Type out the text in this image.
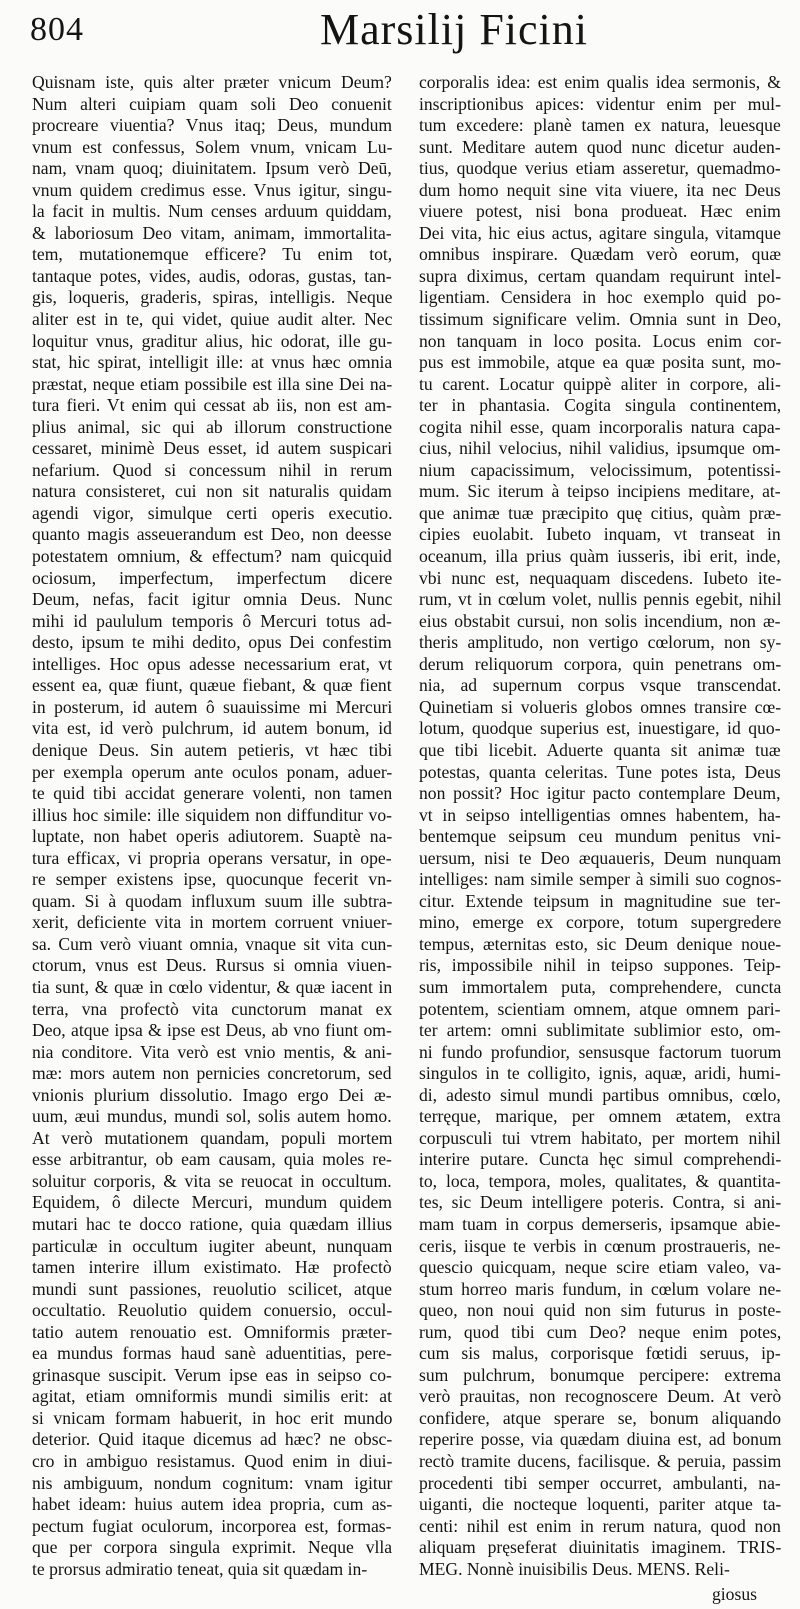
804	Marsilij Ficini
Quisnam iste, quis alter præter vnicum Deum?
Num alteri cuipiam quam soli Deo conuenit
procreare viuentia? Vnus itaq; Deus, mundum
vnum est confessus, Solem vnum, vnicam Lu-
nam, vnam quoq; diuinitatem. Ipsum verò Deū,
vnum quidem credimus esse. Vnus igitur, singu-
la facit in multis. Num censes arduum quiddam,
& laboriosum Deo vitam, animam, immortalita-
tem, mutationemque efficere? Tu enim tot,
tantaque potes, vides, audis, odoras, gustas, tan-
gis, loqueris, graderis, spiras, intelligis. Neque
aliter est in te, qui videt, quiue audit alter. Nec
loquitur vnus, graditur alius, hic odorat, ille gu-
stat, hic spirat, intelligit ille: at vnus hæc omnia
præstat, neque etiam possibile est illa sine Dei na-
tura fieri. Vt enim qui cessat ab iis, non est am-
plius animal, sic qui ab illorum constructione
cessaret, minimè Deus esset, id autem suspicari
nefarium. Quod si concessum nihil in rerum
natura consisteret, cui non sit naturalis quidam
agendi vigor, simulque certi operis executio.
quanto magis asseuerandum est Deo, non deesse
potestatem omnium, & effectum? nam quicquid
ociosum, imperfectum, imperfectum dicere
Deum, nefas, facit igitur omnia Deus. Nunc
mihi id paululum temporis ô Mercuri totus ad-
desto, ipsum te mihi dedito, opus Dei confestim
intelliges. Hoc opus adesse necessarium erat, vt
essent ea, quæ fiunt, quæue fiebant, & quæ fient
in posterum, id autem ô suauissime mi Mercuri
vita est, id verò pulchrum, id autem bonum, id
denique Deus. Sin autem petieris, vt hæc tibi
per exempla operum ante oculos ponam, aduer-
te quid tibi accidat generare volenti, non tamen
illius hoc simile: ille siquidem non diffunditur vo-
luptate, non habet operis adiutorem. Suaptè na-
tura efficax, vi propria operans versatur, in ope-
re semper existens ipse, quocunque fecerit vn-
quam. Si à quodam influxum suum ille subtra-
xerit, deficiente vita in mortem corruent vniuer-
sa. Cum verò viuant omnia, vnaque sit vita cun-
ctorum, vnus est Deus. Rursus si omnia viuen-
tia sunt, & quæ in cœlo videntur, & quæ iacent in
terra, vna profectò vita cunctorum manat ex
Deo, atque ipsa & ipse est Deus, ab vno fiunt om-
nia conditore. Vita verò est vnio mentis, & ani-
mæ: mors autem non pernicies concretorum, sed
vnionis plurium dissolutio. Imago ergo Dei æ-
uum, æui mundus, mundi sol, solis autem homo.
At verò mutationem quandam, populi mortem
esse arbitrantur, ob eam causam, quia moles re-
soluitur corporis, & vita se reuocat in occultum.
Equidem, ô dilecte Mercuri, mundum quidem
mutari hac te docco ratione, quia quædam illius
particulæ in occultum iugiter abeunt, nunquam
tamen interire illum existimato. Hæ profectò
mundi sunt passiones, reuolutio scilicet, atque
occultatio. Reuolutio quidem conuersio, occul-
tatio autem renouatio est. Omniformis præter-
ea mundus formas haud sanè aduentitias, pere-
grinasque suscipit. Verum ipse eas in seipso co-
agitat, etiam omniformis mundi similis erit: at
si vnicam formam habuerit, in hoc erit mundo
deterior. Quid itaque dicemus ad hæc? ne obsc-
cro in ambiguo resistamus. Quod enim in diui-
nis ambiguum, nondum cognitum: vnam igitur
habet ideam: huius autem idea propria, cum as-
pectum fugiat oculorum, incorporea est, formas-
que per corpora singula exprimit. Neque vlla
te prorsus admiratio teneat, quia sit quædam in-
corporalis idea: est enim qualis idea sermonis, &
inscriptionibus apices: videntur enim per mul-
tum excedere: planè tamen ex natura, leuesque
sunt. Meditare autem quod nunc dicetur auden-
tius, quodque verius etiam asseretur, quemadmo-
dum homo nequit sine vita viuere, ita nec Deus
viuere potest, nisi bona produeat. Hæc enim
Dei vita, hic eius actus, agitare singula, vitamque
omnibus inspirare. Quædam verò eorum, quæ
supra diximus, certam quandam requirunt intel-
ligentiam. Censidera in hoc exemplo quid po-
tissimum significare velim. Omnia sunt in Deo,
non tanquam in loco posita. Locus enim cor-
pus est immobile, atque ea quæ posita sunt, mo-
tu carent. Locatur quippè aliter in corpore, ali-
ter in phantasia. Cogita singula continentem,
cogita nihil esse, quam incorporalis natura capa-
cius, nihil velocius, nihil validius, ipsumque om-
nium capacissimum, velocissimum, potentissi-
mum. Sic iterum à teipso incipiens meditare, at-
que animæ tuæ præcipito quę citius, quàm præ-
cipies euolabit. Iubeto inquam, vt transeat in
oceanum, illa prius quàm iusseris, ibi erit, inde,
vbi nunc est, nequaquam discedens. Iubeto ite-
rum, vt in cœlum volet, nullis pennis egebit, nihil
eius obstabit cursui, non solis incendium, non æ-
theris amplitudo, non vertigo cœlorum, non sy-
derum reliquorum corpora, quin penetrans om-
nia, ad supernum corpus vsque transcendat.
Quinetiam si volueris globos omnes transire cœ-
lotum, quodque superius est, inuestigare, id quo-
que tibi licebit. Aduerte quanta sit animæ tuæ
potestas, quanta celeritas. Tune potes ista, Deus
non possit? Hoc igitur pacto contemplare Deum,
vt in seipso intelligentias omnes habentem, ha-
bentemque seipsum ceu mundum penitus vni-
uersum, nisi te Deo æquaueris, Deum nunquam
intelliges: nam simile semper à simili suo cognos-
citur. Extende teipsum in magnitudine sue ter-
mino, emerge ex corpore, totum supergredere
tempus, æternitas esto, sic Deum denique noue-
ris, impossibile nihil in teipso suppones. Teip-
sum immortalem puta, comprehendere, cuncta
potentem, scientiam omnem, atque omnem pari-
ter artem: omni sublimitate sublimior esto, om-
ni fundo profundior, sensusque factorum tuorum
singulos in te colligito, ignis, aquæ, aridi, humi-
di, adesto simul mundi partibus omnibus, cœlo,
terręque, marique, per omnem ætatem, extra
corpusculi tui vtrem habitato, per mortem nihil
interire putare. Cuncta hęc simul comprehendi-
to, loca, tempora, moles, qualitates, & quantita-
tes, sic Deum intelligere poteris. Contra, si ani-
mam tuam in corpus demerseris, ipsamque abie-
ceris, iisque te verbis in cœnum prostraueris, ne-
quescio quicquam, neque scire etiam valeo, va-
stum horreo maris fundum, in cœlum volare ne-
queo, non noui quid non sim futurus in poste-
rum, quod tibi cum Deo? neque enim potes,
cum sis malus, corporisque fœtidi seruus, ip-
sum pulchrum, bonumque percipere: extrema
verò prauitas, non recognoscere Deum. At verò
confidere, atque sperare se, bonum aliquando
reperire posse, via quædam diuina est, ad bonum
rectò tramite ducens, facilisque. & peruia, passim
procedenti tibi semper occurret, ambulanti, na-
uiganti, die nocteque loquenti, pariter atque ta-
centi: nihil est enim in rerum natura, quod non
aliquam pręseferat diuinitatis imaginem. TRIS-
MEG. Nonnè inuisibilis Deus. MENS. Reli-
giosus
